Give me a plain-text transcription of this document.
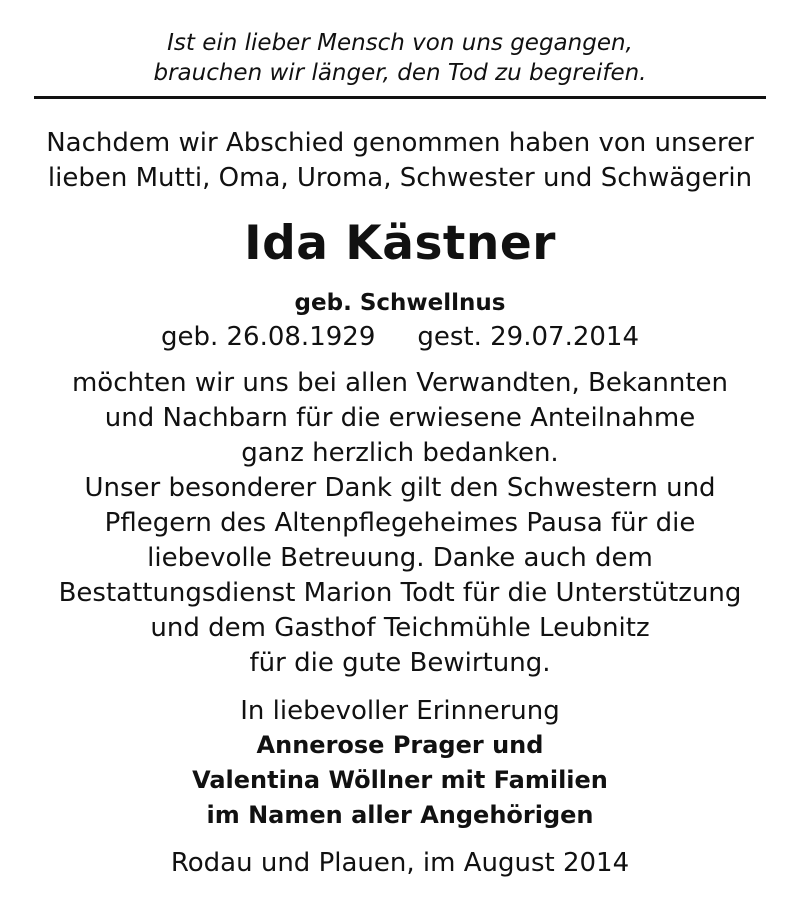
Ist ein lieber Mensch von uns gegangen,
brauchen wir länger, den Tod zu begreifen.
Nachdem wir Abschied genommen haben von unserer
lieben Mutti, Oma, Uroma, Schwester und Schwägerin
Ida Kästner
geb. Schwellnus
geb. 26.08.1929 gest. 29.07.2014
möchten wir uns bei allen Verwandten, Bekannten
und Nachbarn für die erwiesene Anteilnahme
ganz herzlich bedanken.
Unser besonderer Dank gilt den Schwestern und
Pflegern des Altenpflegeheimes Pausa für die
liebevolle Betreuung. Danke auch dem
Bestattungsdienst Marion Todt für die Unterstützung
und dem Gasthof Teichmühle Leubnitz
für die gute Bewirtung.
In liebevoller Erinnerung
Annerose Prager und
Valentina Wöllner mit Familien
im Namen aller Angehörigen
Rodau und Plauen, im August 2014
